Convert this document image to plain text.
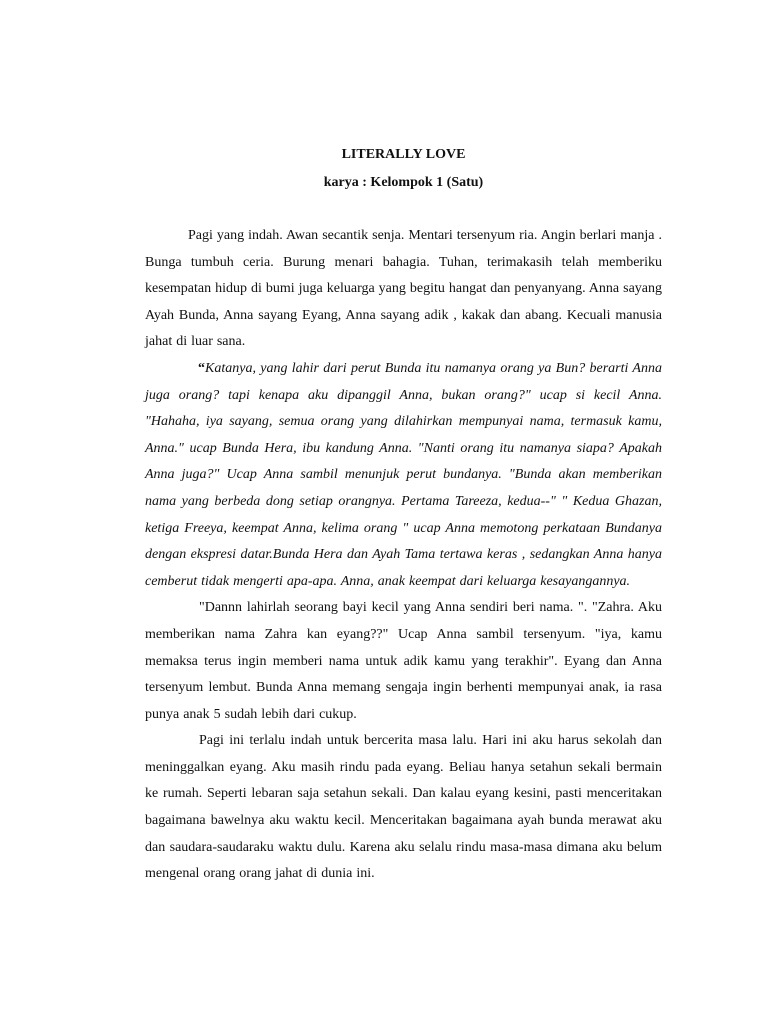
LITERALLY LOVE

karya : Kelompok 1 (Satu)

Pagi yang indah. Awan secantik senja. Mentari tersenyum ria. Angin berlari manja . Bunga tumbuh ceria. Burung menari bahagia. Tuhan, terimakasih telah memberiku kesempatan hidup di bumi juga keluarga yang begitu hangat dan penyanyang. Anna sayang Ayah Bunda, Anna sayang Eyang, Anna sayang adik , kakak dan abang. Kecuali manusia jahat di luar sana.

“Katanya, yang lahir dari perut Bunda itu namanya orang ya Bun? berarti Anna juga orang? tapi kenapa aku dipanggil Anna, bukan orang?" ucap si kecil Anna. "Hahaha, iya sayang, semua orang yang dilahirkan mempunyai nama, termasuk kamu, Anna." ucap Bunda Hera, ibu kandung Anna. "Nanti orang itu namanya siapa? Apakah Anna juga?" Ucap Anna sambil menunjuk perut bundanya. "Bunda akan memberikan nama yang berbeda dong setiap orangnya. Pertama Tareeza, kedua--" " Kedua Ghazan, ketiga Freeya, keempat Anna, kelima orang " ucap Anna memotong perkataan Bundanya dengan ekspresi datar.Bunda Hera dan Ayah Tama tertawa keras , sedangkan Anna hanya cemberut tidak mengerti apa-apa. Anna, anak keempat dari keluarga kesayangannya.

"Dannn lahirlah seorang bayi kecil yang Anna sendiri beri nama. ". "Zahra. Aku memberikan nama Zahra kan eyang??" Ucap Anna sambil tersenyum. "iya, kamu memaksa terus ingin memberi nama untuk adik kamu yang terakhir". Eyang dan Anna tersenyum lembut. Bunda Anna memang sengaja ingin berhenti mempunyai anak, ia rasa punya anak 5 sudah lebih dari cukup.

Pagi ini terlalu indah untuk bercerita masa lalu. Hari ini aku harus sekolah dan meninggalkan eyang. Aku masih rindu pada eyang. Beliau hanya setahun sekali bermain ke rumah. Seperti lebaran saja setahun sekali. Dan kalau eyang kesini, pasti menceritakan bagaimana bawelnya aku waktu kecil. Menceritakan bagaimana ayah bunda merawat aku dan saudara-saudaraku waktu dulu. Karena aku selalu rindu masa-masa dimana aku belum mengenal orang orang jahat di dunia ini.
